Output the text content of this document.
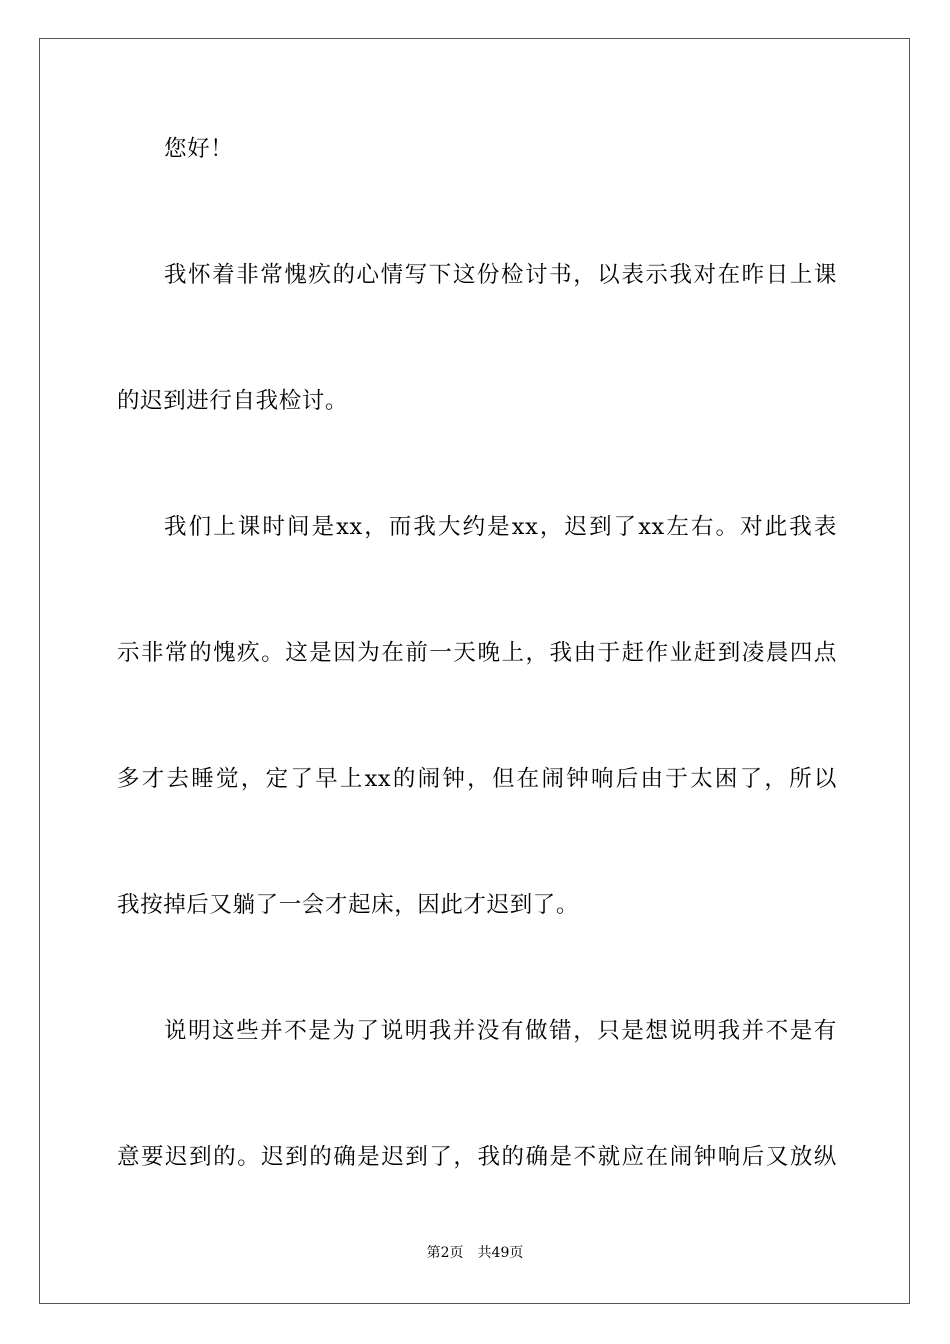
您好！
我怀着非常愧疚的心情写下这份检讨书，以表示我对在昨日上课
的迟到进行自我检讨。
我们上课时间是xx，而我大约是xx，迟到了xx左右。对此我表
示非常的愧疚。这是因为在前一天晚上，我由于赶作业赶到凌晨四点
多才去睡觉，定了早上xx的闹钟，但在闹钟响后由于太困了，所以
我按掉后又躺了一会才起床，因此才迟到了。
说明这些并不是为了说明我并没有做错，只是想说明我并不是有
意要迟到的。迟到的确是迟到了，我的确是不就应在闹钟响后又放纵
第2页 共49页
